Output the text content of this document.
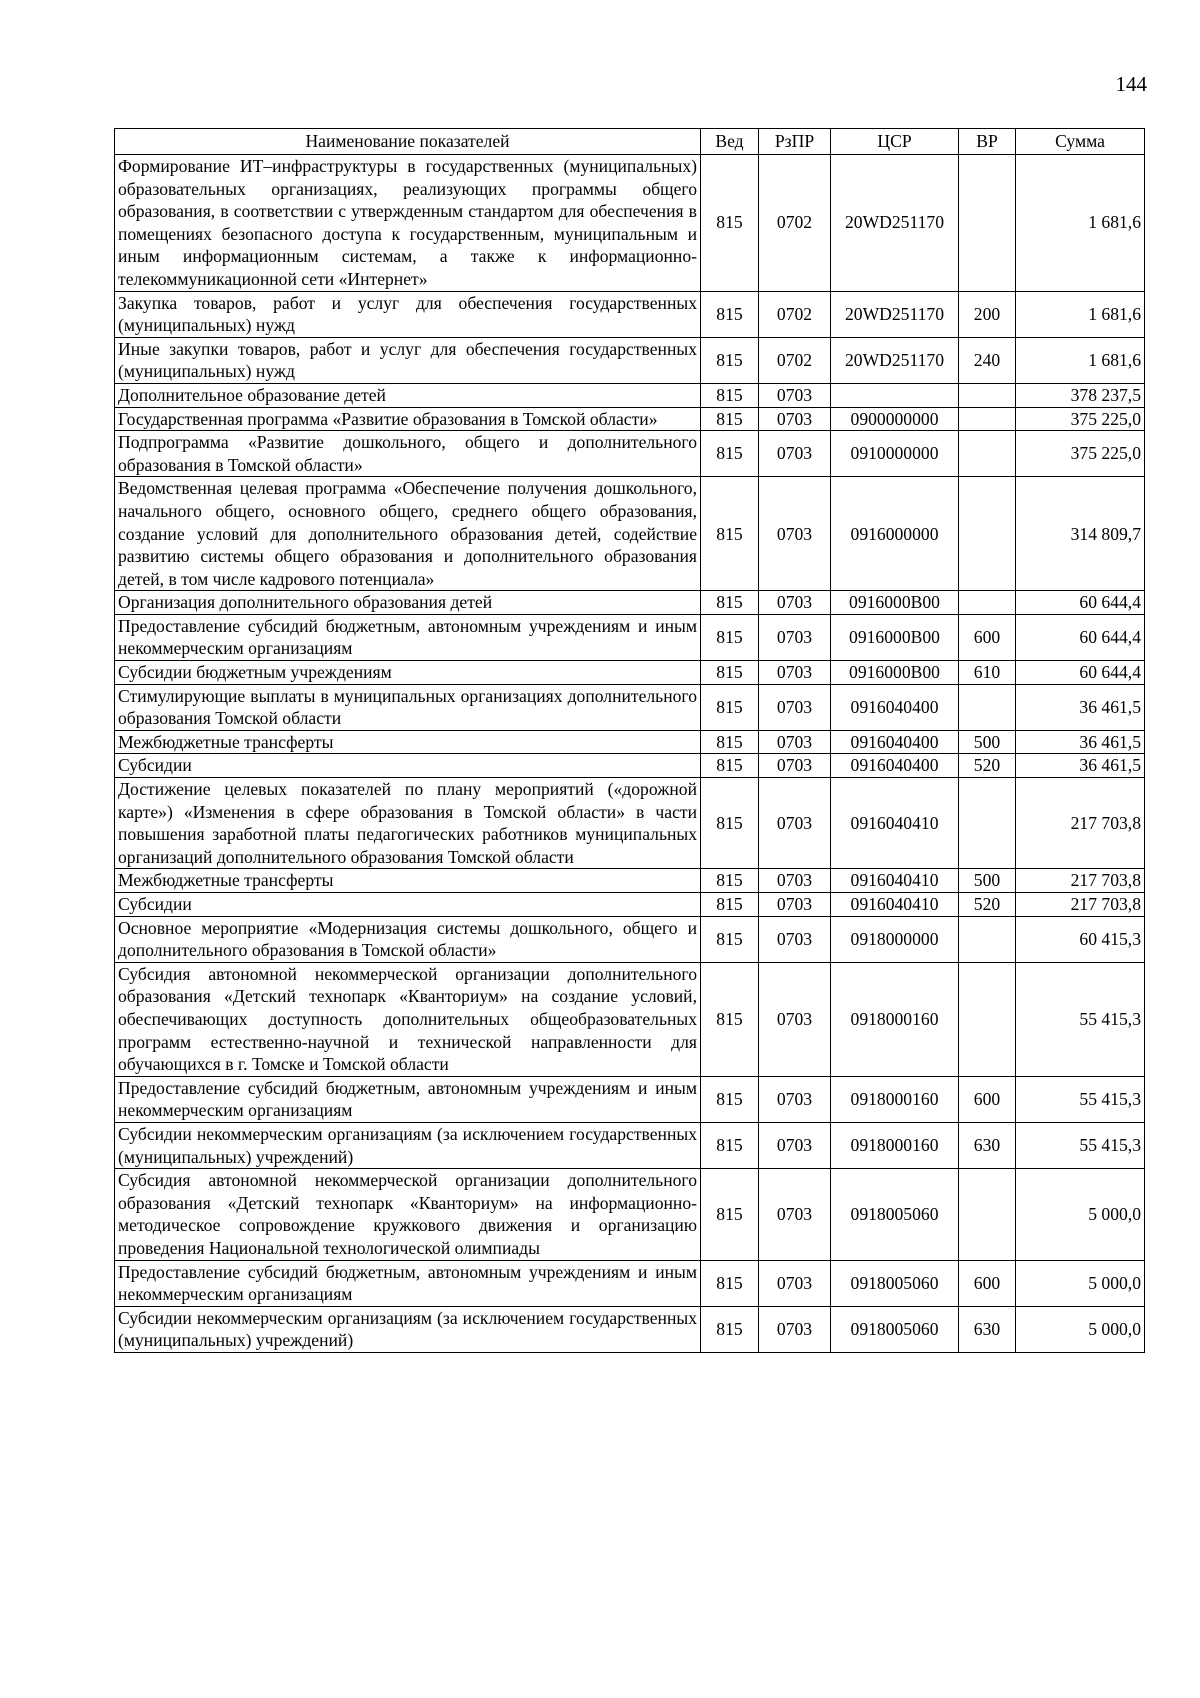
144
Наименование показателей	Вед	РзПР	ЦСР	ВР	Сумма
Формирование ИТ–инфраструктуры в государственных (муниципальных) образовательных организациях, реализующих программы общего образования, в соответствии с утвержденным стандартом для обеспечения в помещениях безопасного доступа к государственным, муниципальным и иным информационным системам, а также к информационно-телекоммуникационной сети «Интернет»	815	0702	20WD251170		1 681,6
Закупка товаров, работ и услуг для обеспечения государственных (муниципальных) нужд	815	0702	20WD251170	200	1 681,6
Иные закупки товаров, работ и услуг для обеспечения государственных (муниципальных) нужд	815	0702	20WD251170	240	1 681,6
Дополнительное образование детей	815	0703			378 237,5
Государственная программа «Развитие образования в Томской области»	815	0703	0900000000		375 225,0
Подпрограмма «Развитие дошкольного, общего и дополнительного образования в Томской области»	815	0703	0910000000		375 225,0
Ведомственная целевая программа «Обеспечение получения дошкольного, начального общего, основного общего, среднего общего образования, создание условий для дополнительного образования детей, содействие развитию системы общего образования и дополнительного образования детей, в том числе кадрового потенциала»	815	0703	0916000000		314 809,7
Организация дополнительного образования детей	815	0703	0916000В00		60 644,4
Предоставление субсидий бюджетным, автономным учреждениям и иным некоммерческим организациям	815	0703	0916000В00	600	60 644,4
Субсидии бюджетным учреждениям	815	0703	0916000В00	610	60 644,4
Стимулирующие выплаты в муниципальных организациях дополнительного образования Томской области	815	0703	0916040400		36 461,5
Межбюджетные трансферты	815	0703	0916040400	500	36 461,5
Субсидии	815	0703	0916040400	520	36 461,5
Достижение целевых показателей по плану мероприятий («дорожной карте») «Изменения в сфере образования в Томской области» в части повышения заработной платы педагогических работников муниципальных организаций дополнительного образования Томской области	815	0703	0916040410		217 703,8
Межбюджетные трансферты	815	0703	0916040410	500	217 703,8
Субсидии	815	0703	0916040410	520	217 703,8
Основное мероприятие «Модернизация системы дошкольного, общего и дополнительного образования в Томской области»	815	0703	0918000000		60 415,3
Субсидия автономной некоммерческой организации дополнительного образования «Детский технопарк «Кванториум» на создание условий, обеспечивающих доступность дополнительных общеобразовательных программ естественно-научной и технической направленности для обучающихся в г. Томске и Томской области	815	0703	0918000160		55 415,3
Предоставление субсидий бюджетным, автономным учреждениям и иным некоммерческим организациям	815	0703	0918000160	600	55 415,3
Субсидии некоммерческим организациям (за исключением государственных (муниципальных) учреждений)	815	0703	0918000160	630	55 415,3
Субсидия автономной некоммерческой организации дополнительного образования «Детский технопарк «Кванториум» на информационно-методическое сопровождение кружкового движения и организацию проведения Национальной технологической олимпиады	815	0703	0918005060		5 000,0
Предоставление субсидий бюджетным, автономным учреждениям и иным некоммерческим организациям	815	0703	0918005060	600	5 000,0
Субсидии некоммерческим организациям (за исключением государственных (муниципальных) учреждений)	815	0703	0918005060	630	5 000,0
